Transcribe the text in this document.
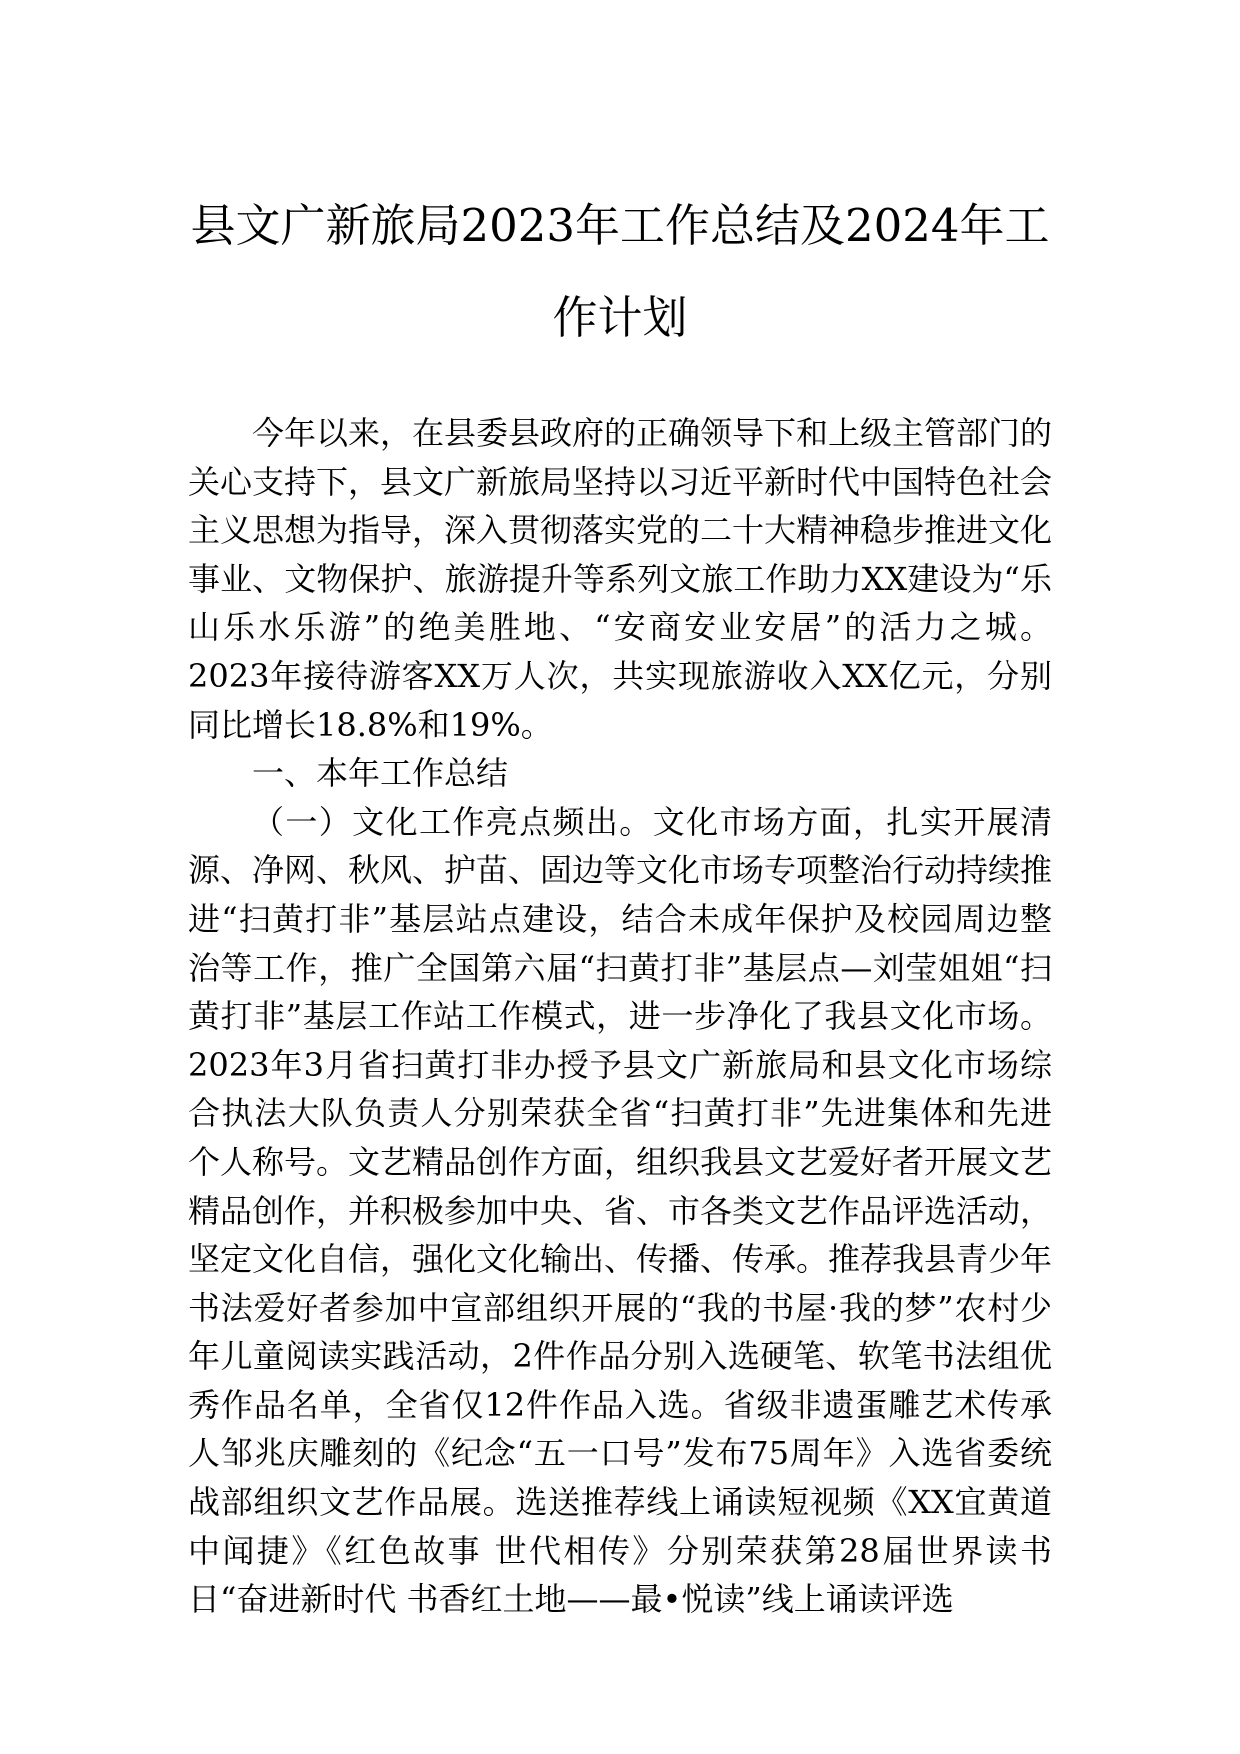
县文广新旅局2023年工作总结及2024年工作计划

今年以来，在县委县政府的正确领导下和上级主管部门的关心支持下，县文广新旅局坚持以习近平新时代中国特色社会主义思想为指导，深入贯彻落实党的二十大精神稳步推进文化事业、文物保护、旅游提升等系列文旅工作助力XX建设为“乐山乐水乐游”的绝美胜地、“安商安业安居”的活力之城。2023年接待游客XX万人次，共实现旅游收入XX亿元，分别同比增长18.8%和19%。

一、本年工作总结

（一）文化工作亮点频出。文化市场方面，扎实开展清源、净网、秋风、护苗、固边等文化市场专项整治行动持续推进“扫黄打非”基层站点建设，结合未成年保护及校园周边整治等工作，推广全国第六届“扫黄打非”基层点—刘莹姐姐“扫黄打非”基层工作站工作模式，进一步净化了我县文化市场。2023年3月省扫黄打非办授予县文广新旅局和县文化市场综合执法大队负责人分别荣获全省“扫黄打非”先进集体和先进个人称号。文艺精品创作方面，组织我县文艺爱好者开展文艺精品创作，并积极参加中央、省、市各类文艺作品评选活动，坚定文化自信，强化文化输出、传播、传承。推荐我县青少年书法爱好者参加中宣部组织开展的“我的书屋·我的梦”农村少年儿童阅读实践活动，2件作品分别入选硬笔、软笔书法组优秀作品名单，全省仅12件作品入选。省级非遗蛋雕艺术传承人邹兆庆雕刻的《纪念“五一口号”发布75周年》入选省委统战部组织文艺作品展。选送推荐线上诵读短视频《XX宜黄道中闻捷》《红色故事 世代相传》分别荣获第28届世界读书日“奋进新时代 书香红土地——最•悦读”线上诵读评选
